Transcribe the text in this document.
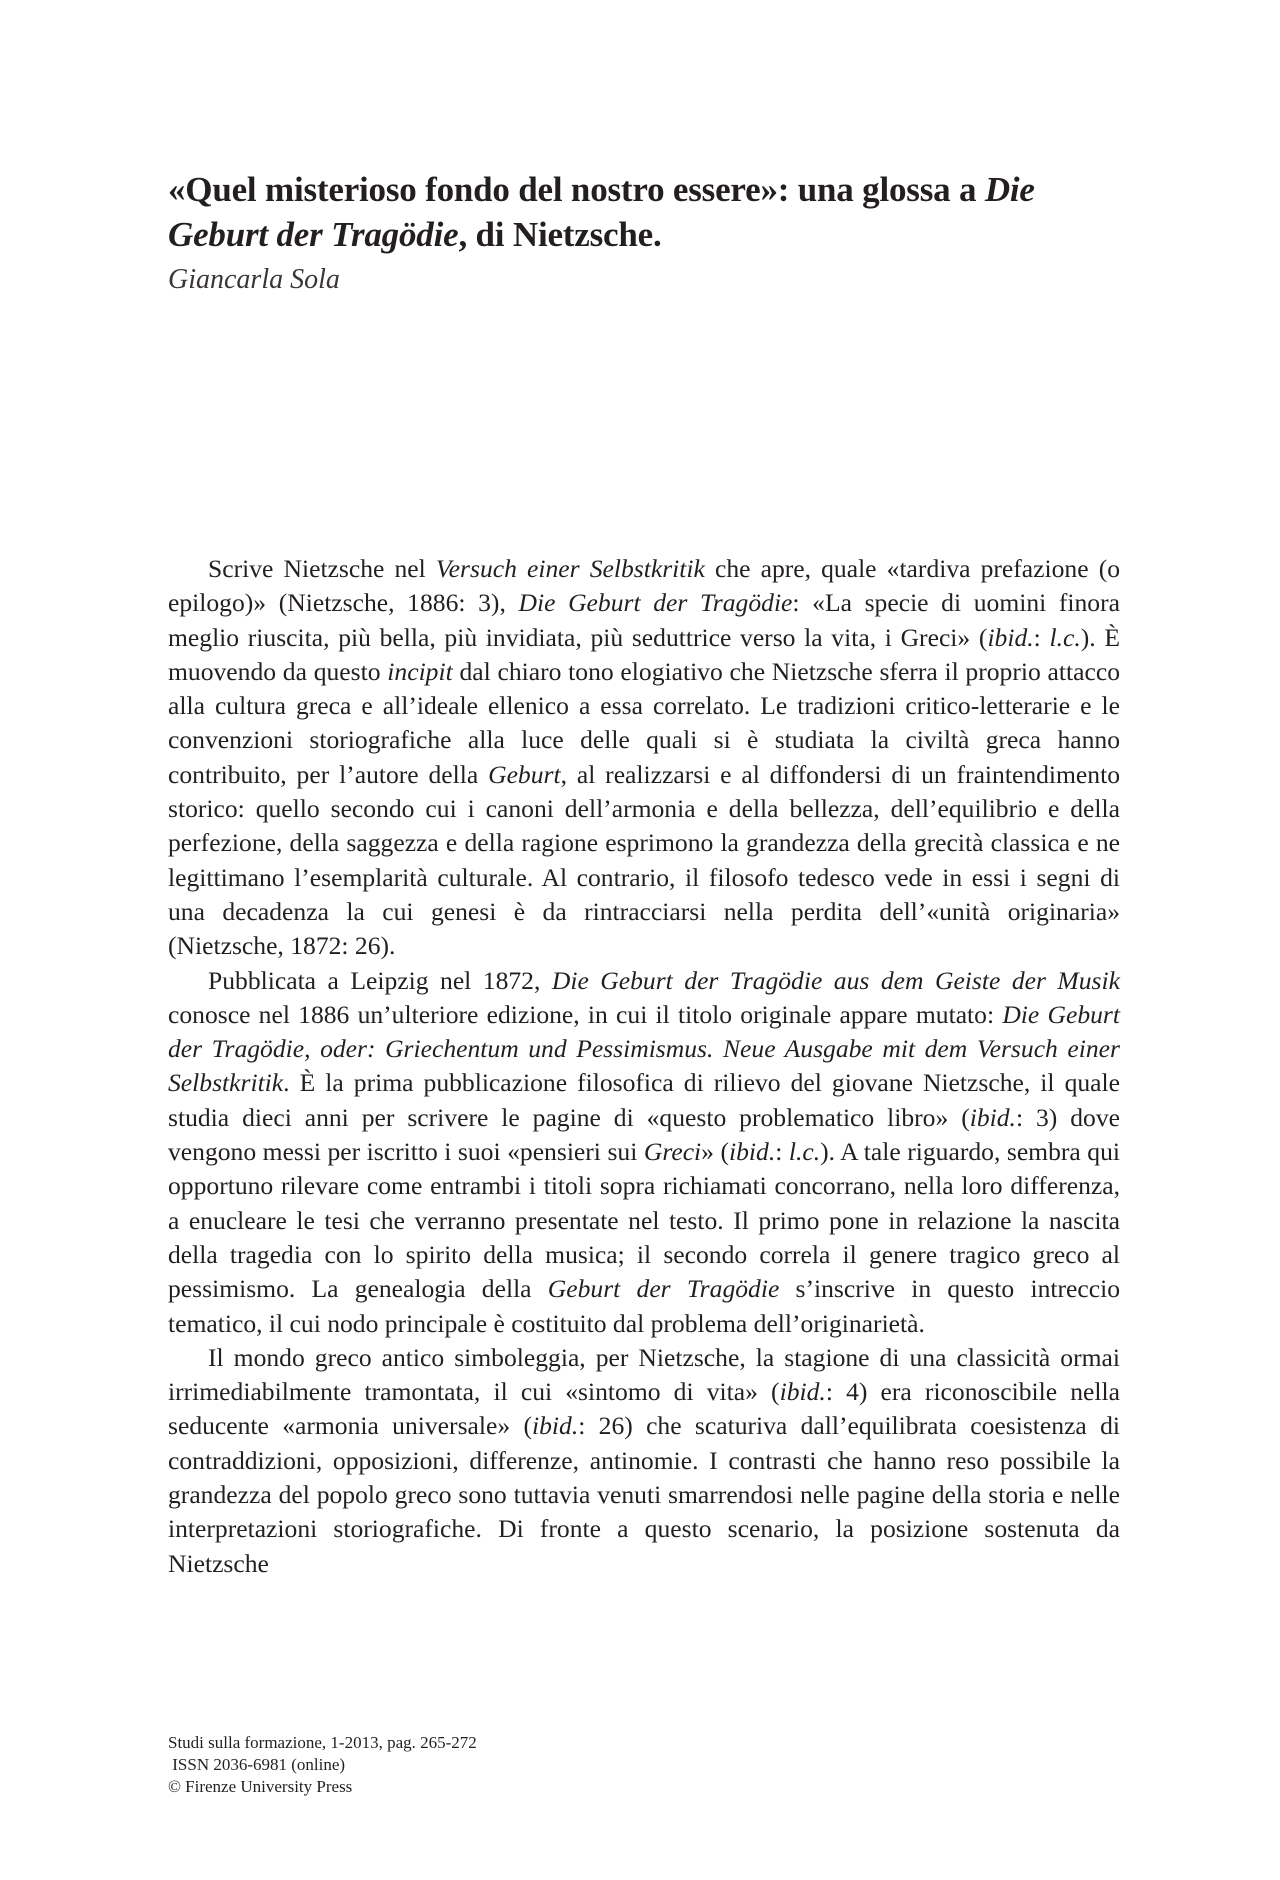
«Quel misterioso fondo del nostro essere»: una glossa a Die Geburt der Tragödie, di Nietzsche.
Giancarla Sola

Scrive Nietzsche nel Versuch einer Selbstkritik che apre, quale «tardiva prefazione (o epilogo)» (Nietzsche, 1886: 3), Die Geburt der Tragödie: «La specie di uomini finora meglio riuscita, più bella, più invidiata, più seduttrice verso la vita, i Greci» (ibid.: l.c.). È muovendo da questo incipit dal chiaro tono elogiativo che Nietzsche sferra il proprio attacco alla cultura greca e all’ideale ellenico a essa correlato. Le tradizioni critico-letterarie e le convenzioni storiografiche alla luce delle quali si è studiata la civiltà greca hanno contribuito, per l’autore della Geburt, al realizzarsi e al diffondersi di un fraintendimento storico: quello secondo cui i canoni dell’armonia e della bellezza, dell’equilibrio e della perfezione, della saggezza e della ragione esprimono la grandezza della grecità classica e ne legittimano l’esemplarità culturale. Al contrario, il filosofo tedesco vede in essi i segni di una decadenza la cui genesi è da rintracciarsi nella perdita dell’«unità originaria» (Nietzsche, 1872: 26).

Pubblicata a Leipzig nel 1872, Die Geburt der Tragödie aus dem Geiste der Musik conosce nel 1886 un’ulteriore edizione, in cui il titolo originale appare mutato: Die Geburt der Tragödie, oder: Griechentum und Pessimismus. Neue Ausgabe mit dem Versuch einer Selbstkritik. È la prima pubblicazione filosofica di rilievo del giovane Nietzsche, il quale studia dieci anni per scrivere le pagine di «questo problematico libro» (ibid.: 3) dove vengono messi per iscritto i suoi «pensieri sui Greci» (ibid.: l.c.). A tale riguardo, sembra qui opportuno rilevare come entrambi i titoli sopra richiamati concorrano, nella loro differenza, a enucleare le tesi che verranno presentate nel testo. Il primo pone in relazione la nascita della tragedia con lo spirito della musica; il secondo correla il genere tragico greco al pessimismo. La genealogia della Geburt der Tragödie s’inscrive in questo intreccio tematico, il cui nodo principale è costituito dal problema dell’originarietà.

Il mondo greco antico simboleggia, per Nietzsche, la stagione di una classicità ormai irrimediabilmente tramontata, il cui «sintomo di vita» (ibid.: 4) era riconoscibile nella seducente «armonia universale» (ibid.: 26) che scaturiva dall’equilibrata coesistenza di contraddizioni, opposizioni, differenze, antinomie. I contrasti che hanno reso possibile la grandezza del popolo greco sono tuttavia venuti smarrendosi nelle pagine della storia e nelle interpretazioni storiografiche. Di fronte a questo scenario, la posizione sostenuta da Nietzsche

Studi sulla formazione, 1-2013, pag. 265-272
ISSN 2036-6981 (online)
© Firenze University Press
